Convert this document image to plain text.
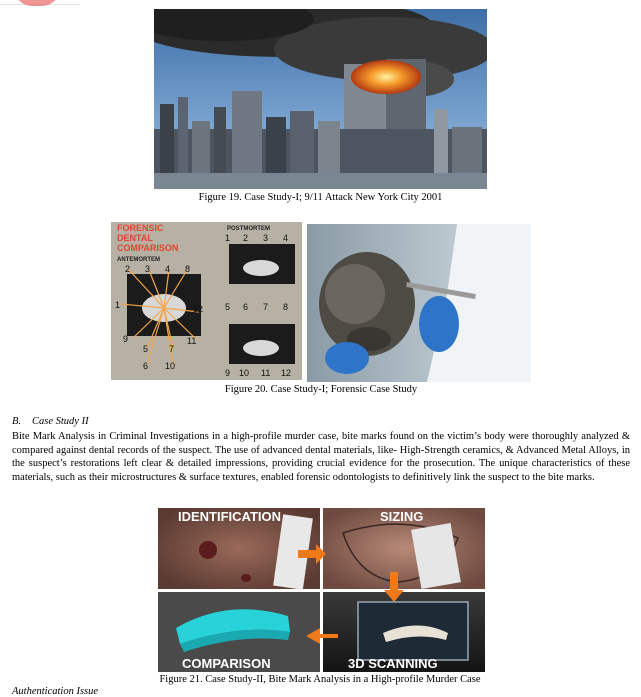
Figure 19. Case Study-I; 9/11 Attack New York City 2001
FORENSIC
DENTAL
COMPARISON
ANTEMORTEM
POSTMORTEM
2 3 4 8
1
9
5 7
6 10
12
11
1 2 3 4
5 6 7 8
9 10 11 12
Figure 20. Case Study-I; Forensic Case Study
B. Case Study II
Bite Mark Analysis in Criminal Investigations in a high-profile murder case, bite marks found on the victim’s body were thoroughly analyzed & compared against dental records of the suspect. The use of advanced dental materials, like- High-Strength ceramics, & Advanced Metal Alloys, in the suspect’s restorations left clear & detailed impressions, providing crucial evidence for the prosecution. The unique characteristics of these materials, such as their microstructures & surface textures, enabled forensic odontologists to definitively link the suspect to the bite marks.
IDENTIFICATION	SIZING
COMPARISON	3D SCANNING
Figure 21. Case Study-II, Bite Mark Analysis in a High-profile Murder Case
Authentication Issue
